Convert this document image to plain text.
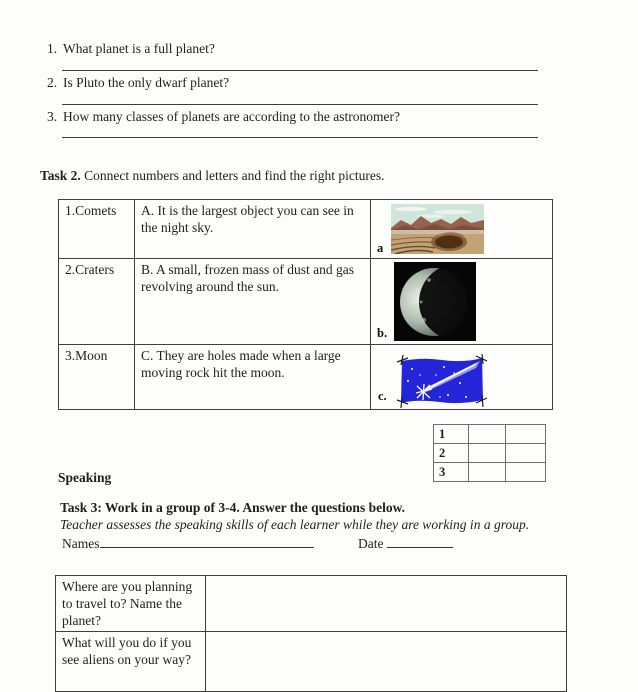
1. What planet is a full planet?
2. Is Pluto the only dwarf planet?
3. How many classes of planets are according to the astronomer?
Task 2. Connect numbers and letters and find the right pictures.
1.Comets	A. It is the largest object you can see in the night sky.	a

2.Craters	B. A small, frozen mass of dust and gas revolving around the sun.	b.

3.Moon	C. They are holes made when a large moving rock hit the moon.	c.
1		
2		
3		
Speaking
Task 3: Work in a group of 3-4. Answer the questions below.
Teacher assesses the speaking skills of each learner while they are working in a group.
Names	Date
Where are you planning to travel to? Name the planet?	
What will you do if you see aliens on your way?	
